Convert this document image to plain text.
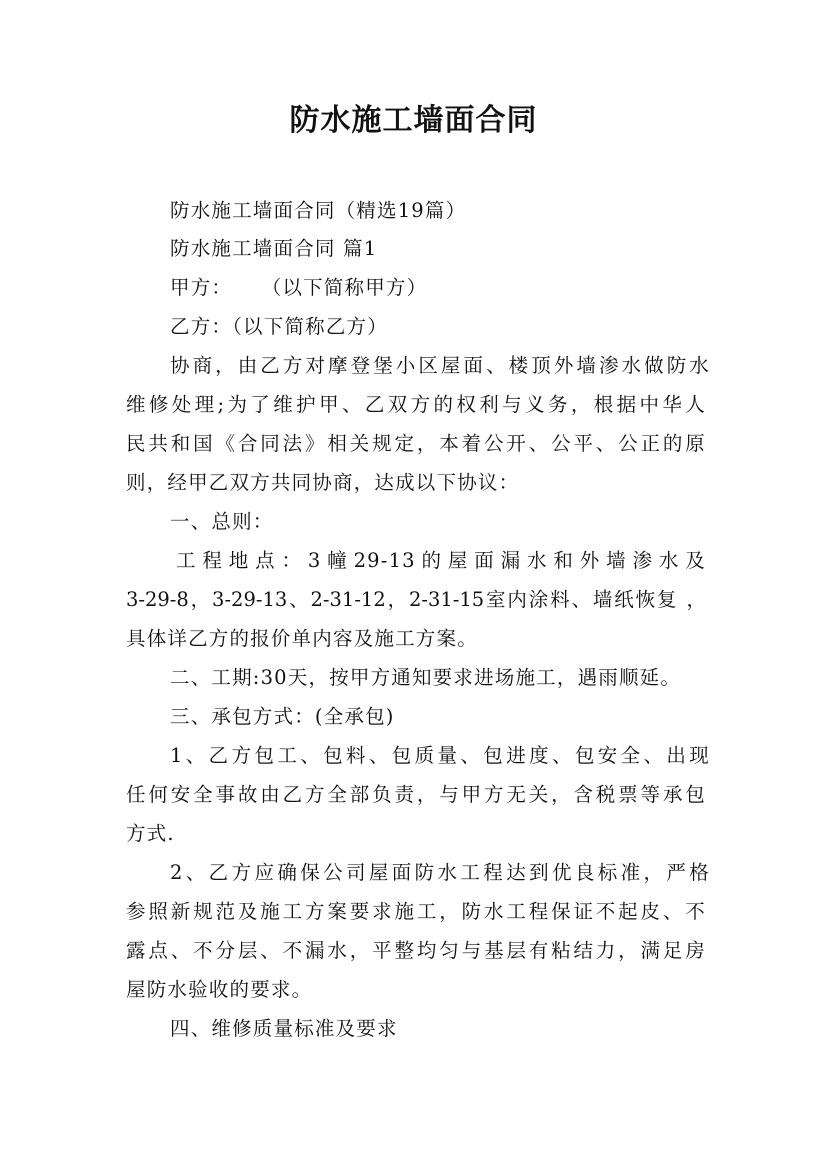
防水施工墙面合同
防水施工墙面合同（精选19篇）
防水施工墙面合同 篇1
甲方：    （以下简称甲方）
乙方：（以下简称乙方）
协商，由乙方对摩登堡小区屋面、楼顶外墙渗水做防水
维修处理;为了维护甲、乙双方的权利与义务，根据中华人
民共和国《合同法》相关规定，本着公开、公平、公正的原
则，经甲乙双方共同协商，达成以下协议：
一、总则：
工程地点：3幢29-13的屋面漏水和外墙渗水及
3-29-8，3-29-13、2-31-12，2-31-15室内涂料、墙纸恢复 ，
具体详乙方的报价单内容及施工方案。
二、工期:30天，按甲方通知要求进场施工，遇雨顺延。
三、承包方式：(全承包)
1、乙方包工、包料、包质量、包进度、包安全、出现
任何安全事故由乙方全部负责，与甲方无关，含税票等承包
方式.
2、乙方应确保公司屋面防水工程达到优良标准，严格
参照新规范及施工方案要求施工，防水工程保证不起皮、不
露点、不分层、不漏水，平整均匀与基层有粘结力，满足房
屋防水验收的要求。
四、维修质量标准及要求
